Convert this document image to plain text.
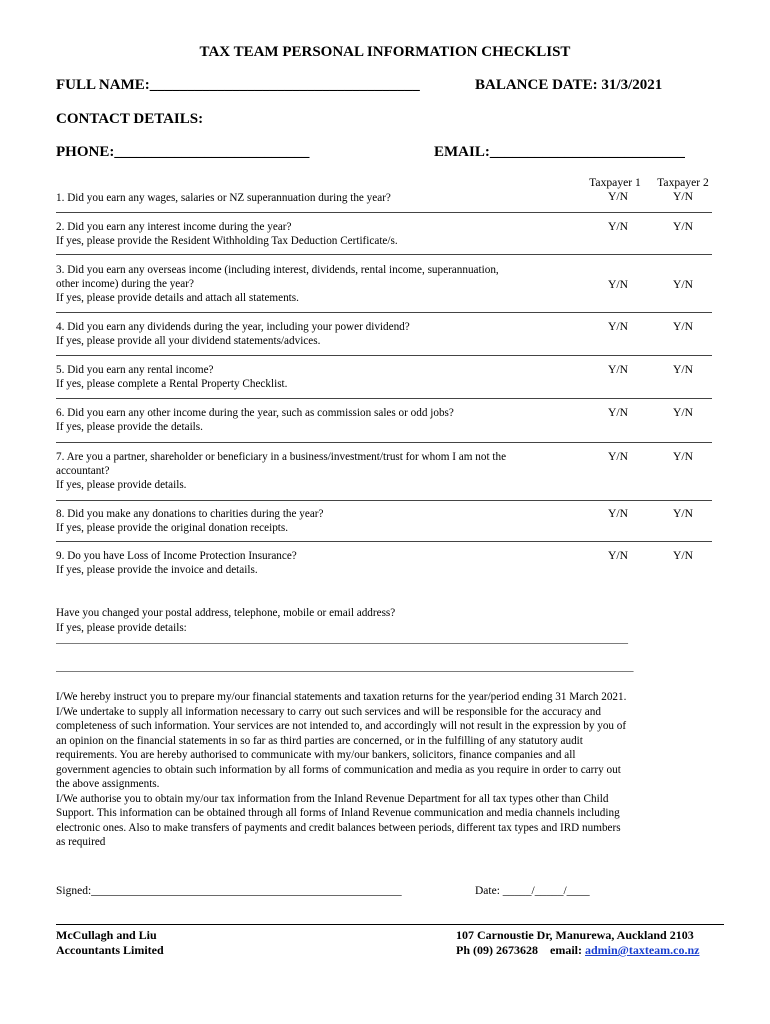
TAX TEAM PERSONAL INFORMATION CHECKLIST
FULL NAME:____________________________________	BALANCE DATE: 31/3/2021
CONTACT DETAILS:
PHONE:__________________________	EMAIL:__________________________
Taxpayer 1	Taxpayer 2
1. Did you earn any wages, salaries or NZ superannuation during the year?	Y/N	Y/N
2. Did you earn any interest income during the year?
If yes, please provide the Resident Withholding Tax Deduction Certificate/s.
Y/N	Y/N
3. Did you earn any overseas income (including interest, dividends, rental income, superannuation,
other income) during the year?
If yes, please provide details and attach all statements.
Y/N	Y/N
4. Did you earn any dividends during the year, including your power dividend?
If yes, please provide all your dividend statements/advices.
Y/N	Y/N
5. Did you earn any rental income?
If yes, please complete a Rental Property Checklist.
Y/N	Y/N
6. Did you earn any other income during the year, such as commission sales or odd jobs?
If yes, please provide the details.
Y/N	Y/N
7. Are you a partner, shareholder or beneficiary in a business/investment/trust for whom I am not the
accountant?
If yes, please provide details.
Y/N	Y/N
8. Did you make any donations to charities during the year?
If yes, please provide the original donation receipts.
Y/N	Y/N
9. Do you have Loss of Income Protection Insurance?
If yes, please provide the invoice and details.
Y/N	Y/N
Have you changed your postal address, telephone, mobile or email address?
If yes, please provide details:
________________________________________________________________________________________________________
_________________________________________________________________________________________________________
I/We hereby instruct you to prepare my/our financial statements and taxation returns for the year/period ending 31 March 2021.
I/We undertake to supply all information necessary to carry out such services and will be responsible for the accuracy and
completeness of such information. Your services are not intended to, and accordingly will not result in the expression by you of
an opinion on the financial statements in so far as third parties are concerned, or in the fulfilling of any statutory audit
requirements. You are hereby authorised to communicate with my/our bankers, solicitors, finance companies and all
government agencies to obtain such information by all forms of communication and media as you require in order to carry out
the above assignments.
I/We authorise you to obtain my/our tax information from the Inland Revenue Department for all tax types other than Child
Support. This information can be obtained through all forms of Inland Revenue communication and media channels including
electronic ones. Also to make transfers of payments and credit balances between periods, different tax types and IRD numbers
as required
Signed:______________________________________________________	Date: _____/_____/____
McCullagh and Liu
Accountants Limited
107 Carnoustie Dr, Manurewa, Auckland 2103
Ph (09) 2673628 email: admin@taxteam.co.nz
